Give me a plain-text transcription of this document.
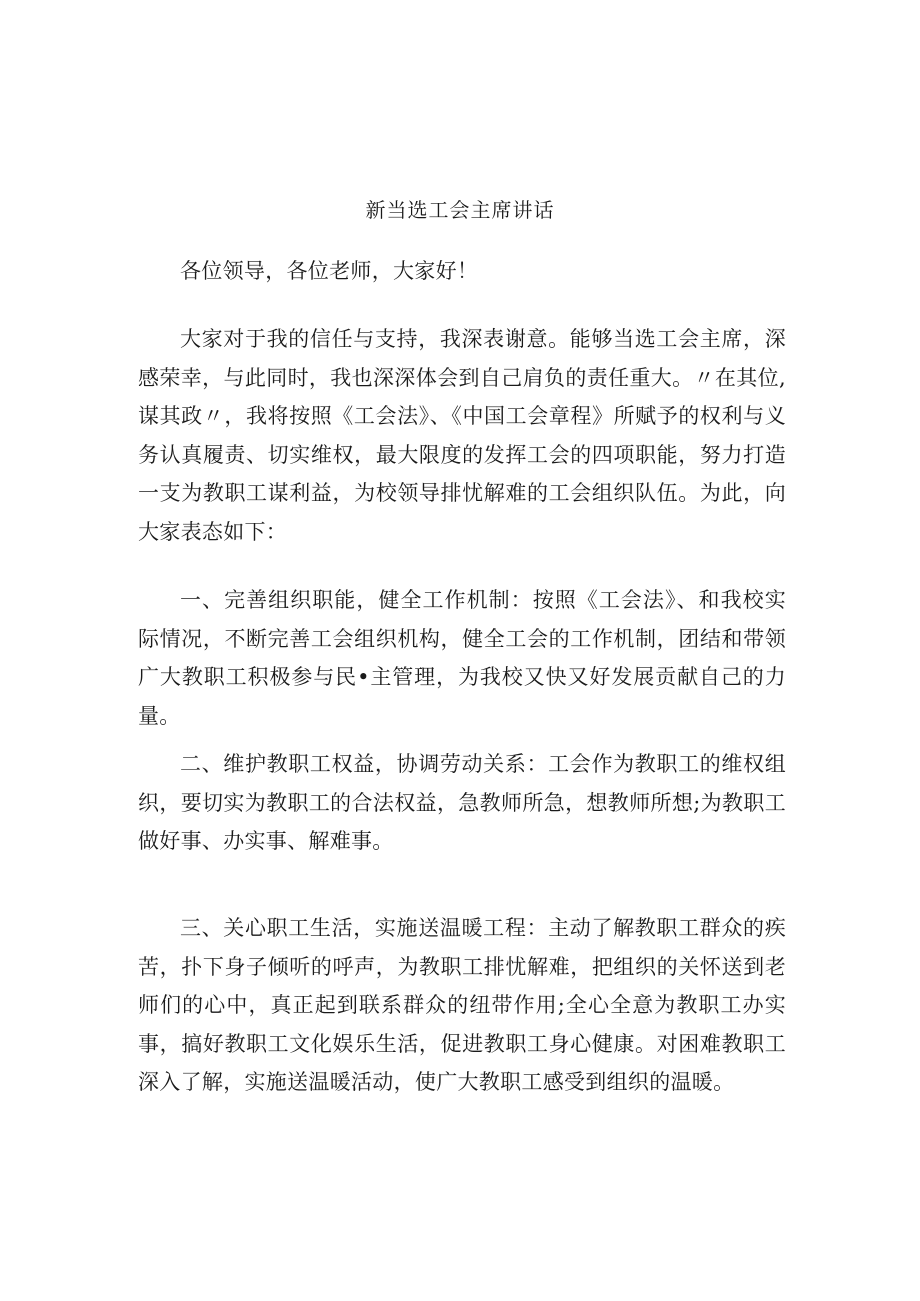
新当选工会主席讲话

各位领导，各位老师，大家好！

大家对于我的信任与支持，我深表谢意。能够当选工会主席，深感荣幸，与此同时，我也深深体会到自己肩负的责任重大。〃在其位,谋其政〃，我将按照《工会法》、《中国工会章程》所赋予的权利与义务认真履责、切实维权，最大限度的发挥工会的四项职能，努力打造一支为教职工谋利益，为校领导排忧解难的工会组织队伍。为此，向大家表态如下：

一、完善组织职能，健全工作机制：按照《工会法》、和我校实际情况，不断完善工会组织机构，健全工会的工作机制，团结和带领广大教职工积极参与民•主管理，为我校又快又好发展贡献自己的力量。

二、维护教职工权益，协调劳动关系：工会作为教职工的维权组织，要切实为教职工的合法权益，急教师所急，想教师所想;为教职工做好事、办实事、解难事。

三、关心职工生活，实施送温暖工程：主动了解教职工群众的疾苦，扑下身子倾听的呼声，为教职工排忧解难，把组织的关怀送到老师们的心中，真正起到联系群众的纽带作用;全心全意为教职工办实事，搞好教职工文化娱乐生活，促进教职工身心健康。对困难教职工深入了解，实施送温暖活动，使广大教职工感受到组织的温暖。
